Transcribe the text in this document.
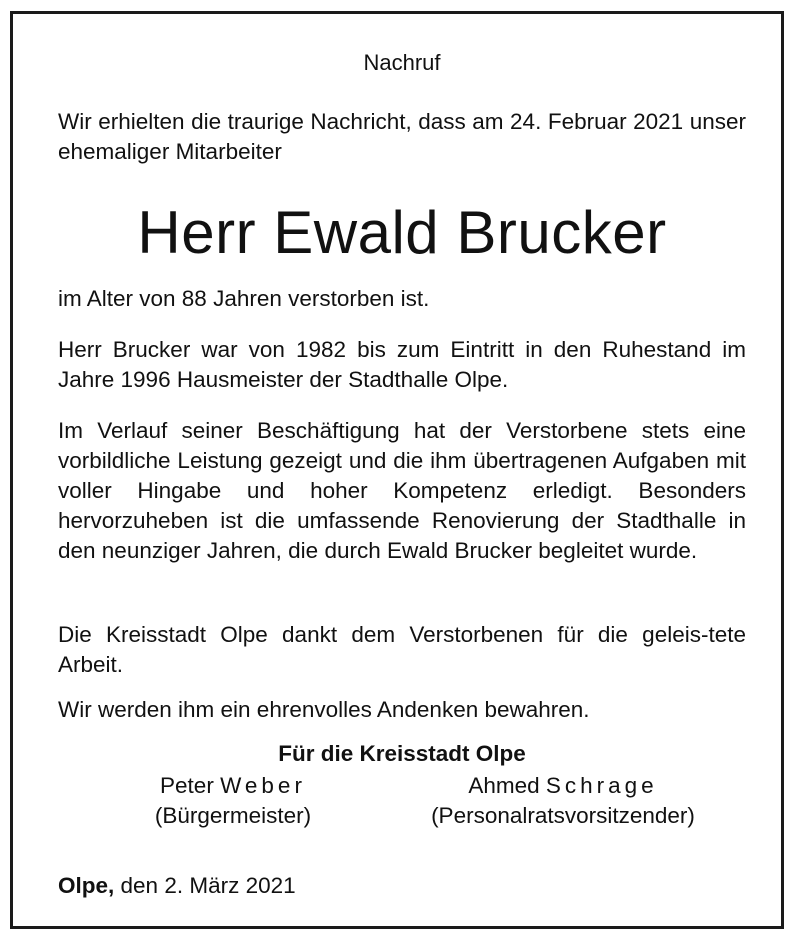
Nachruf
Wir erhielten die traurige Nachricht, dass am 24. Februar 2021 unser ehemaliger Mitarbeiter
Herr Ewald Brucker
im Alter von 88 Jahren verstorben ist.
Herr Brucker war von 1982 bis zum Eintritt in den Ruhestand im Jahre 1996 Hausmeister der Stadthalle Olpe.
Im Verlauf seiner Beschäftigung hat der Verstorbene stets eine vorbildliche Leistung gezeigt und die ihm übertragenen Aufgaben mit voller Hingabe und hoher Kompetenz erledigt. Besonders hervorzuheben ist die umfassende Renovierung der Stadthalle in den neunziger Jahren, die durch Ewald Brucker begleitet wurde.
Die Kreisstadt Olpe dankt dem Verstorbenen für die geleis-tete Arbeit.
Wir werden ihm ein ehrenvolles Andenken bewahren.
Für die Kreisstadt Olpe
Peter Weber
(Bürgermeister)
Ahmed Schrage
(Personalratsvorsitzender)
Olpe, den 2. März 2021
